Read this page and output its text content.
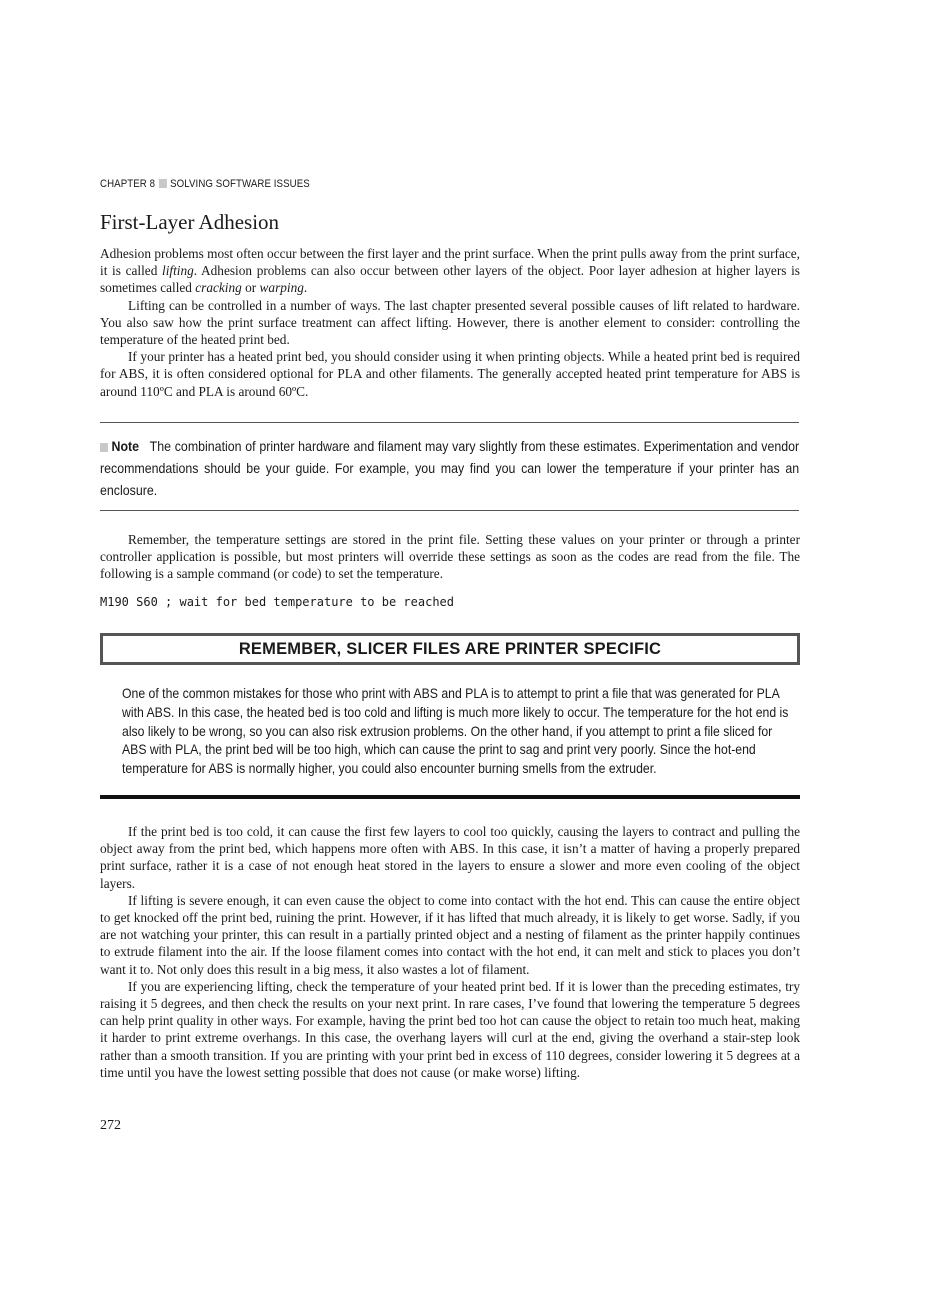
CHAPTER 8 SOLVING SOFTWARE ISSUES
First-Layer Adhesion

Adhesion problems most often occur between the first layer and the print surface. When the print pulls away from the print surface, it is called lifting. Adhesion problems can also occur between other layers of the object. Poor layer adhesion at higher layers is sometimes called cracking or warping.

Lifting can be controlled in a number of ways. The last chapter presented several possible causes of lift related to hardware. You also saw how the print surface treatment can affect lifting. However, there is another element to consider: controlling the temperature of the heated print bed.

If your printer has a heated print bed, you should consider using it when printing objects. While a heated print bed is required for ABS, it is often considered optional for PLA and other filaments. The generally accepted heated print temperature for ABS is around 110ºC and PLA is around 60ºC.

Note The combination of printer hardware and filament may vary slightly from these estimates. Experimentation and vendor recommendations should be your guide. For example, you may find you can lower the temperature if your printer has an enclosure.

Remember, the temperature settings are stored in the print file. Setting these values on your printer or through a printer controller application is possible, but most printers will override these settings as soon as the codes are read from the file. The following is a sample command (or code) to set the temperature.

M190 S60 ; wait for bed temperature to be reached
REMEMBER, SLICER FILES ARE PRINTER SPECIFIC

One of the common mistakes for those who print with ABS and PLA is to attempt to print a file that was generated for PLA with ABS. In this case, the heated bed is too cold and lifting is much more likely to occur. The temperature for the hot end is also likely to be wrong, so you can also risk extrusion problems. On the other hand, if you attempt to print a file sliced for ABS with PLA, the print bed will be too high, which can cause the print to sag and print very poorly. Since the hot-end temperature for ABS is normally higher, you could also encounter burning smells from the extruder.

If the print bed is too cold, it can cause the first few layers to cool too quickly, causing the layers to contract and pulling the object away from the print bed, which happens more often with ABS. In this case, it isn’t a matter of having a properly prepared print surface, rather it is a case of not enough heat stored in the layers to ensure a slower and more even cooling of the object layers.

If lifting is severe enough, it can even cause the object to come into contact with the hot end. This can cause the entire object to get knocked off the print bed, ruining the print. However, if it has lifted that much already, it is likely to get worse. Sadly, if you are not watching your printer, this can result in a partially printed object and a nesting of filament as the printer happily continues to extrude filament into the air. If the loose filament comes into contact with the hot end, it can melt and stick to places you don’t want it to. Not only does this result in a big mess, it also wastes a lot of filament.

If you are experiencing lifting, check the temperature of your heated print bed. If it is lower than the preceding estimates, try raising it 5 degrees, and then check the results on your next print. In rare cases, I’ve found that lowering the temperature 5 degrees can help print quality in other ways. For example, having the print bed too hot can cause the object to retain too much heat, making it harder to print extreme overhangs. In this case, the overhang layers will curl at the end, giving the overhand a stair-step look rather than a smooth transition. If you are printing with your print bed in excess of 110 degrees, consider lowering it 5 degrees at a time until you have the lowest setting possible that does not cause (or make worse) lifting.

272
